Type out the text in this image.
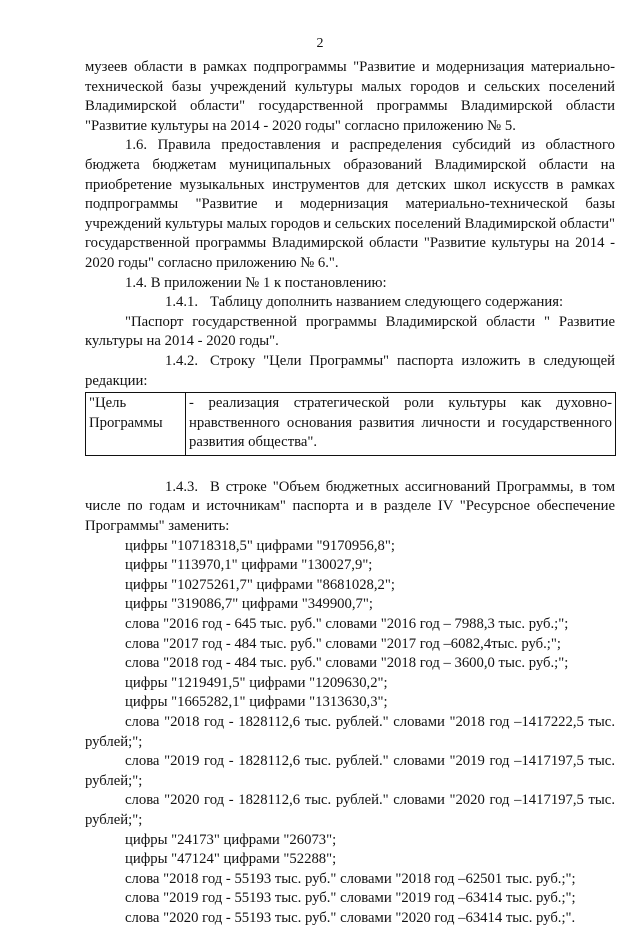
2

музеев области в рамках подпрограммы "Развитие и модернизация материально-технической базы учреждений культуры малых городов и сельских поселений Владимирской области" государственной программы Владимирской области "Развитие культуры на 2014 - 2020 годы" согласно приложению № 5.

1.6. Правила предоставления и распределения субсидий из областного бюджета бюджетам муниципальных образований Владимирской области на приобретение музыкальных инструментов для детских школ искусств в рамках подпрограммы "Развитие и модернизация материально-технической базы учреждений культуры малых городов и сельских поселений Владимирской области" государственной программы Владимирской области "Развитие культуры на 2014 - 2020 годы" согласно приложению № 6.".

1.4. В приложении № 1 к постановлению:

1.4.1. Таблицу дополнить названием следующего содержания:

"Паспорт государственной программы Владимирской области " Развитие культуры на 2014 - 2020 годы".

1.4.2. Строку "Цели Программы" паспорта изложить в следующей редакции:

"Цель Программы	- реализация стратегической роли культуры как духовно-нравственного основания развития личности и государственного развития общества".

1.4.3. В строке "Объем бюджетных ассигнований Программы, в том числе по годам и источникам" паспорта и в разделе IV "Ресурсное обеспечение Программы" заменить:

цифры "10718318,5" цифрами "9170956,8";

цифры "113970,1" цифрами "130027,9";

цифры "10275261,7" цифрами "8681028,2";

цифры "319086,7" цифрами "349900,7";

слова "2016 год - 645 тыс. руб." словами "2016 год – 7988,3 тыс. руб.;";

слова "2017 год - 484 тыс. руб." словами "2017 год –6082,4тыс. руб.;";

слова "2018 год - 484 тыс. руб." словами "2018 год – 3600,0 тыс. руб.;";

цифры "1219491,5" цифрами "1209630,2";

цифры "1665282,1" цифрами "1313630,3";

слова "2018 год - 1828112,6 тыс. рублей." словами "2018 год –1417222,5 тыс. рублей;";

слова "2019 год - 1828112,6 тыс. рублей." словами "2019 год –1417197,5 тыс. рублей;";

слова "2020 год - 1828112,6 тыс. рублей." словами "2020 год –1417197,5 тыс. рублей;";

цифры "24173" цифрами "26073";

цифры "47124" цифрами "52288";

слова "2018 год - 55193 тыс. руб." словами "2018 год –62501 тыс. руб.;";

слова "2019 год - 55193 тыс. руб." словами "2019 год –63414 тыс. руб.;";

слова "2020 год - 55193 тыс. руб." словами "2020 год –63414 тыс. руб.;".
